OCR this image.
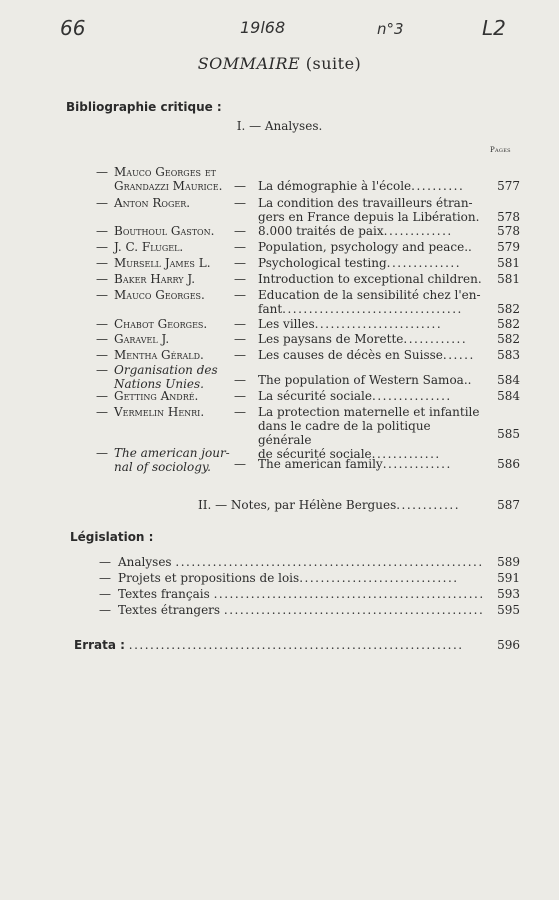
66	19l68	n°3	L2
SOMMAIRE (suite)
Bibliographie critique :
I. — Analyses.
Pages
— Mauco Georges et
Grandazzi Maurice. — La démographie à l'école..........	577
— Anton Roger.	— La condition des travailleurs étran-
gers en France depuis la Libération.	578
— Bouthoul Gaston.	— 8.000 traités de paix.............	578
— J. C. Flugel.	— Population, psychology and peace..	579
— Mursell James L.	— Psychological testing..............	581
— Baker Harry J.	— Introduction to exceptional children.	581
— Mauco Georges.	— Education de la sensibilité chez l'en-
fant..................................	582
— Chabot Georges.	— Les villes........................	582
— Garavel J.	— Les paysans de Morette............	582
— Mentha Gérald.	— Les causes de décès en Suisse......	583
— Organisation des
Nations Unies.	— The population of Western Samoa..	584
— Getting André.	— La sécurité sociale...............	584
— Vermelin Henri.	— La protection maternelle et infantile
dans le cadre de la politique générale
de sécurité sociale.............
585
— The american jour-
nal of sociology.	— The american family.............	586
II. — Notes, par Hélène Bergues............	587
Législation :
— Analyses .......................................................... 589
— Projets et propositions de lois..............................	591
— Textes français ................................................... 593
— Textes étrangers ................................................. 595
Errata : ...............................................................	596
